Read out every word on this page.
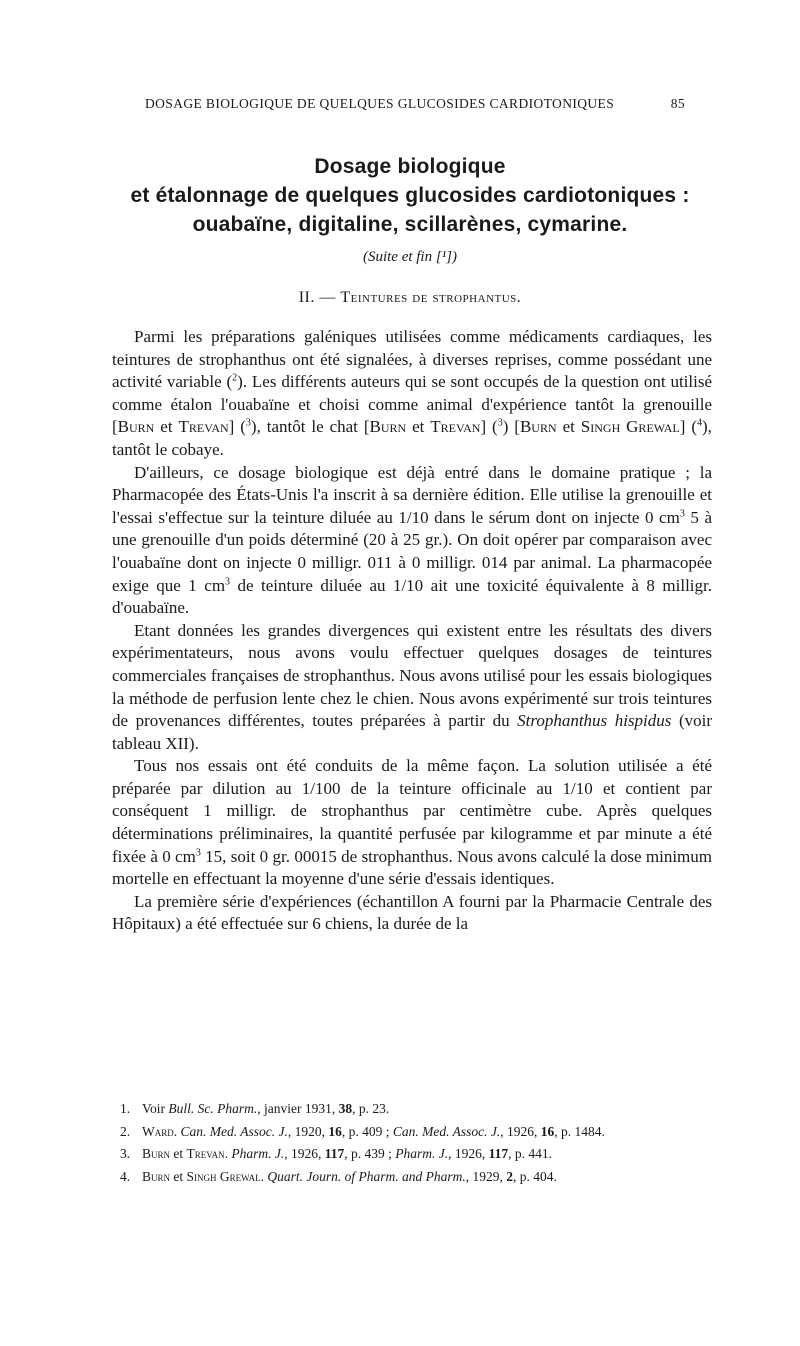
DOSAGE BIOLOGIQUE DE QUELQUES GLUCOSIDES CARDIOTONIQUES	85
Dosage biologique
et étalonnage de quelques glucosides cardiotoniques :
ouabaïne, digitaline, scillarènes, cymarine.
(Suite et fin [¹])
II. — Teintures de strophantus.

Parmi les préparations galéniques utilisées comme médicaments cardiaques, les teintures de strophanthus ont été signalées, à diverses reprises, comme possédant une activité variable ($^2$). Les différents auteurs qui se sont occupés de la question ont utilisé comme étalon l'ouabaïne et choisi comme animal d'expérience tantôt la grenouille [Burn et Trevan] ($^3$), tantôt le chat [Burn et Trevan] ($^3$) [Burn et Singh Grewal] ($^4$), tantôt le cobaye.

D'ailleurs, ce dosage biologique est déjà entré dans le domaine pratique ; la Pharmacopée des États-Unis l'a inscrit à sa dernière édition. Elle utilise la grenouille et l'essai s'effectue sur la teinture diluée au 1/10 dans le sérum dont on injecte 0 $cm^3$ 5 à une grenouille d'un poids déterminé (20 à 25 gr.). On doit opérer par comparaison avec l'ouabaïne dont on injecte 0 milligr. 011 à 0 milligr. 014 par animal. La pharmacopée exige que 1 $cm^3$ de teinture diluée au 1/10 ait une toxicité équivalente à 8 milligr. d'ouabaïne.

Etant données les grandes divergences qui existent entre les résultats des divers expérimentateurs, nous avons voulu effectuer quelques dosages de teintures commerciales françaises de strophanthus. Nous avons utilisé pour les essais biologiques la méthode de perfusion lente chez le chien. Nous avons expérimenté sur trois teintures de provenances différentes, toutes préparées à partir du Strophanthus hispidus (voir tableau XII).

Tous nos essais ont été conduits de la même façon. La solution utilisée a été préparée par dilution au 1/100 de la teinture officinale au 1/10 et contient par conséquent 1 milligr. de strophanthus par centimètre cube. Après quelques déterminations préliminaires, la quantité perfusée par kilogramme et par minute a été fixée à 0 $cm^3$ 15, soit 0 gr. 00015 de strophanthus. Nous avons calculé la dose minimum mortelle en effectuant la moyenne d'une série d'essais identiques.

La première série d'expériences (échantillon A fourni par la Pharmacie Centrale des Hôpitaux) a été effectuée sur 6 chiens, la durée de la

1. Voir Bull. Sc. Pharm., janvier 1931, 38, p. 23.
2. Ward. Can. Med. Assoc. J., 1920, 16, p. 409 ; Can. Med. Assoc. J., 1926, 16, p. 1484.
3. Burn et Trevan. Pharm. J., 1926, 117, p. 439 ; Pharm. J., 1926, 117, p. 441.
4. Burn et Singh Grewal. Quart. Journ. of Pharm. and Pharm., 1929, 2, p. 404.
